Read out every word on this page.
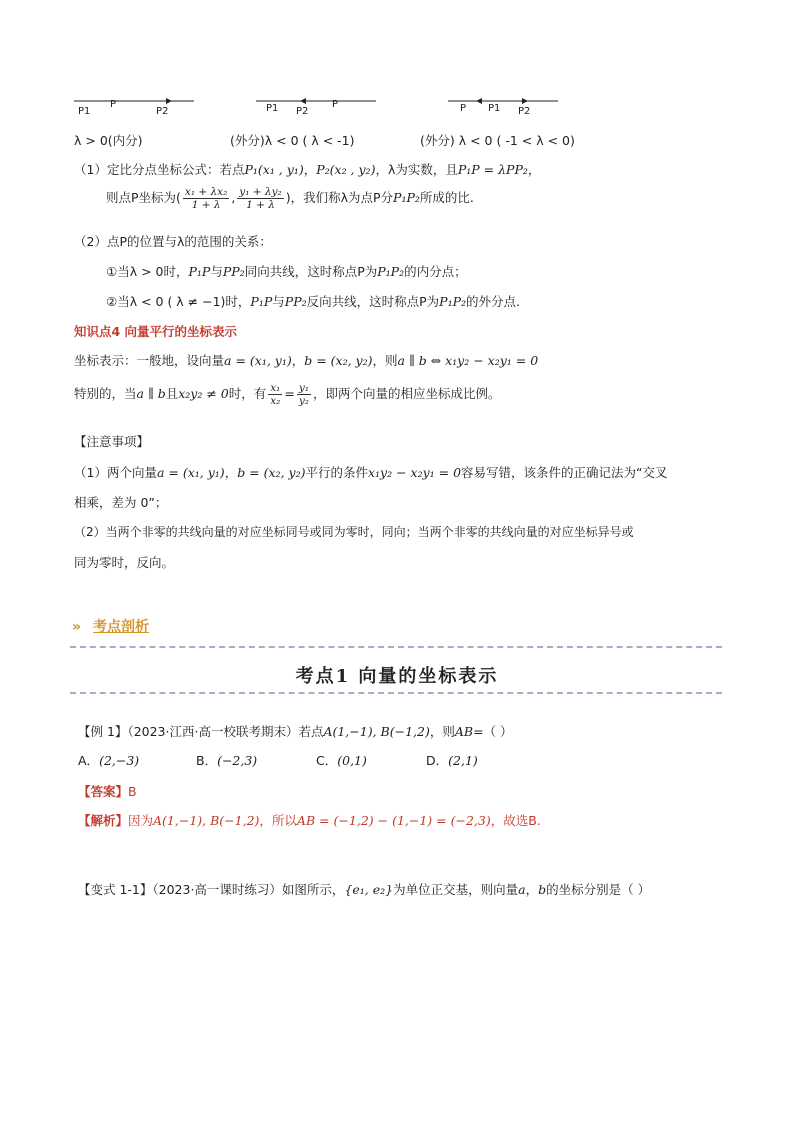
P1
P
P2	P1 P2
P	P P1 P2
λ > 0(内分)	(外分)λ < 0 ( λ < -1)	(外分) λ < 0 ( -1 < λ < 0)
（1）定比分点坐标公式：若点P₁(x₁ , y₁)，P₂(x₂ , y₂)，λ为实数，且P₁P = λPP₂，
则点P坐标为( $\frac{\text{x₁ + λx₂}}{1 + \lambda}$ , $\frac{\text{y₁ + λy₂}}{1 + \lambda}$ )，我们称λ为点P分P₁P₂所成的比.
（2）点P的位置与λ的范围的关系：
①当λ > 0时，P₁P与PP₂同向共线，这时称点P为P₁P₂的内分点；
②当λ < 0 ( λ ≠ −1)时，P₁P与PP₂反向共线，这时称点P为P₁P₂的外分点.
知识点4 向量平行的坐标表示
坐标表示：一般地，设向量a = (x₁, y₁)，b = (x₂, y₂)，则a ∥ b ⇔ x₁y₂ − x₂y₁ = 0
特别的，当a ∥ b且x₂y₂ ≠ 0时，有 $\frac{\text{x₁}}{\text{x₂}} = \frac{\text{y₁}}{\text{y₂}}$ ，即两个向量的相应坐标成比例。
【注意事项】
（1）两个向量a = (x₁, y₁)，b = (x₂, y₂)平行的条件x₁y₂ − x₂y₁ = 0容易写错，该条件的正确记法为“交叉
相乘，差为 0”；
（2）当两个非零的共线向量的对应坐标同号或同为零时，同向；当两个非零的共线向量的对应坐标异号或
同为零时，反向。
» 考点剖析
考点1 向量的坐标表示
【例 1】（2023·江西·高一校联考期末）若点A(1,−1), B(−1,2)，则AB=（ ）
A．(2,−3)	B．(−2,3)	C．(0,1)	D．(2,1)
【答案】B
【解析】因为A(1,−1), B(−1,2)，所以AB = (−1,2) − (1,−1) = (−2,3)，故选B.
【变式 1-1】（2023·高一课时练习）如图所示，{e₁, e₂}为单位正交基，则向量a，b的坐标分别是（ ）
